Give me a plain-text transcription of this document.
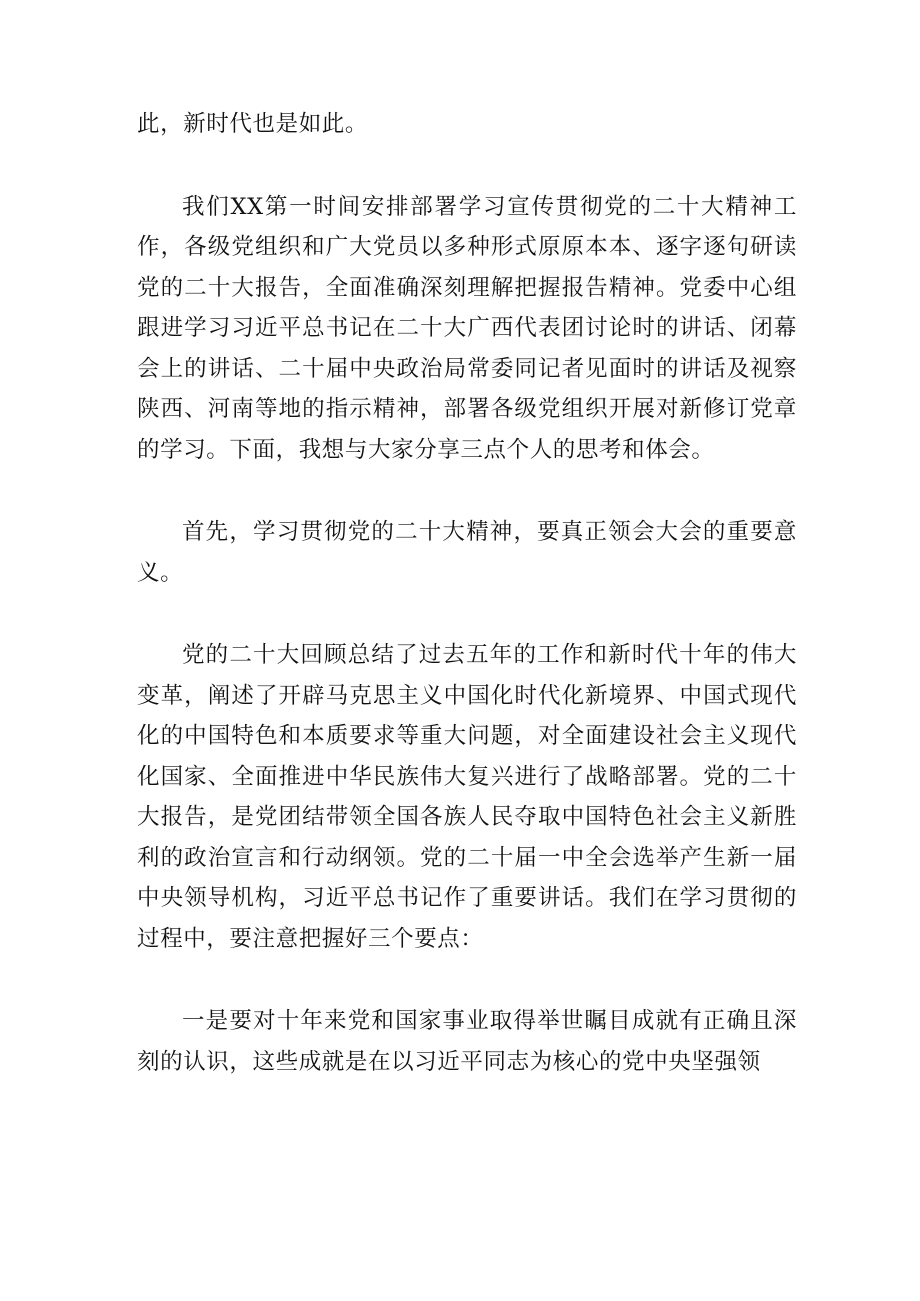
此，新时代也是如此。

我们XX第一时间安排部署学习宣传贯彻党的二十大精神工作，各级党组织和广大党员以多种形式原原本本、逐字逐句研读党的二十大报告，全面准确深刻理解把握报告精神。党委中心组跟进学习习近平总书记在二十大广西代表团讨论时的讲话、闭幕会上的讲话、二十届中央政治局常委同记者见面时的讲话及视察陕西、河南等地的指示精神，部署各级党组织开展对新修订党章的学习。下面，我想与大家分享三点个人的思考和体会。

首先，学习贯彻党的二十大精神，要真正领会大会的重要意义。

党的二十大回顾总结了过去五年的工作和新时代十年的伟大变革，阐述了开辟马克思主义中国化时代化新境界、中国式现代化的中国特色和本质要求等重大问题，对全面建设社会主义现代化国家、全面推进中华民族伟大复兴进行了战略部署。党的二十大报告，是党团结带领全国各族人民夺取中国特色社会主义新胜利的政治宣言和行动纲领。党的二十届一中全会选举产生新一届中央领导机构，习近平总书记作了重要讲话。我们在学习贯彻的过程中，要注意把握好三个要点：

一是要对十年来党和国家事业取得举世瞩目成就有正确且深刻的认识，这些成就是在以习近平同志为核心的党中央坚强领
